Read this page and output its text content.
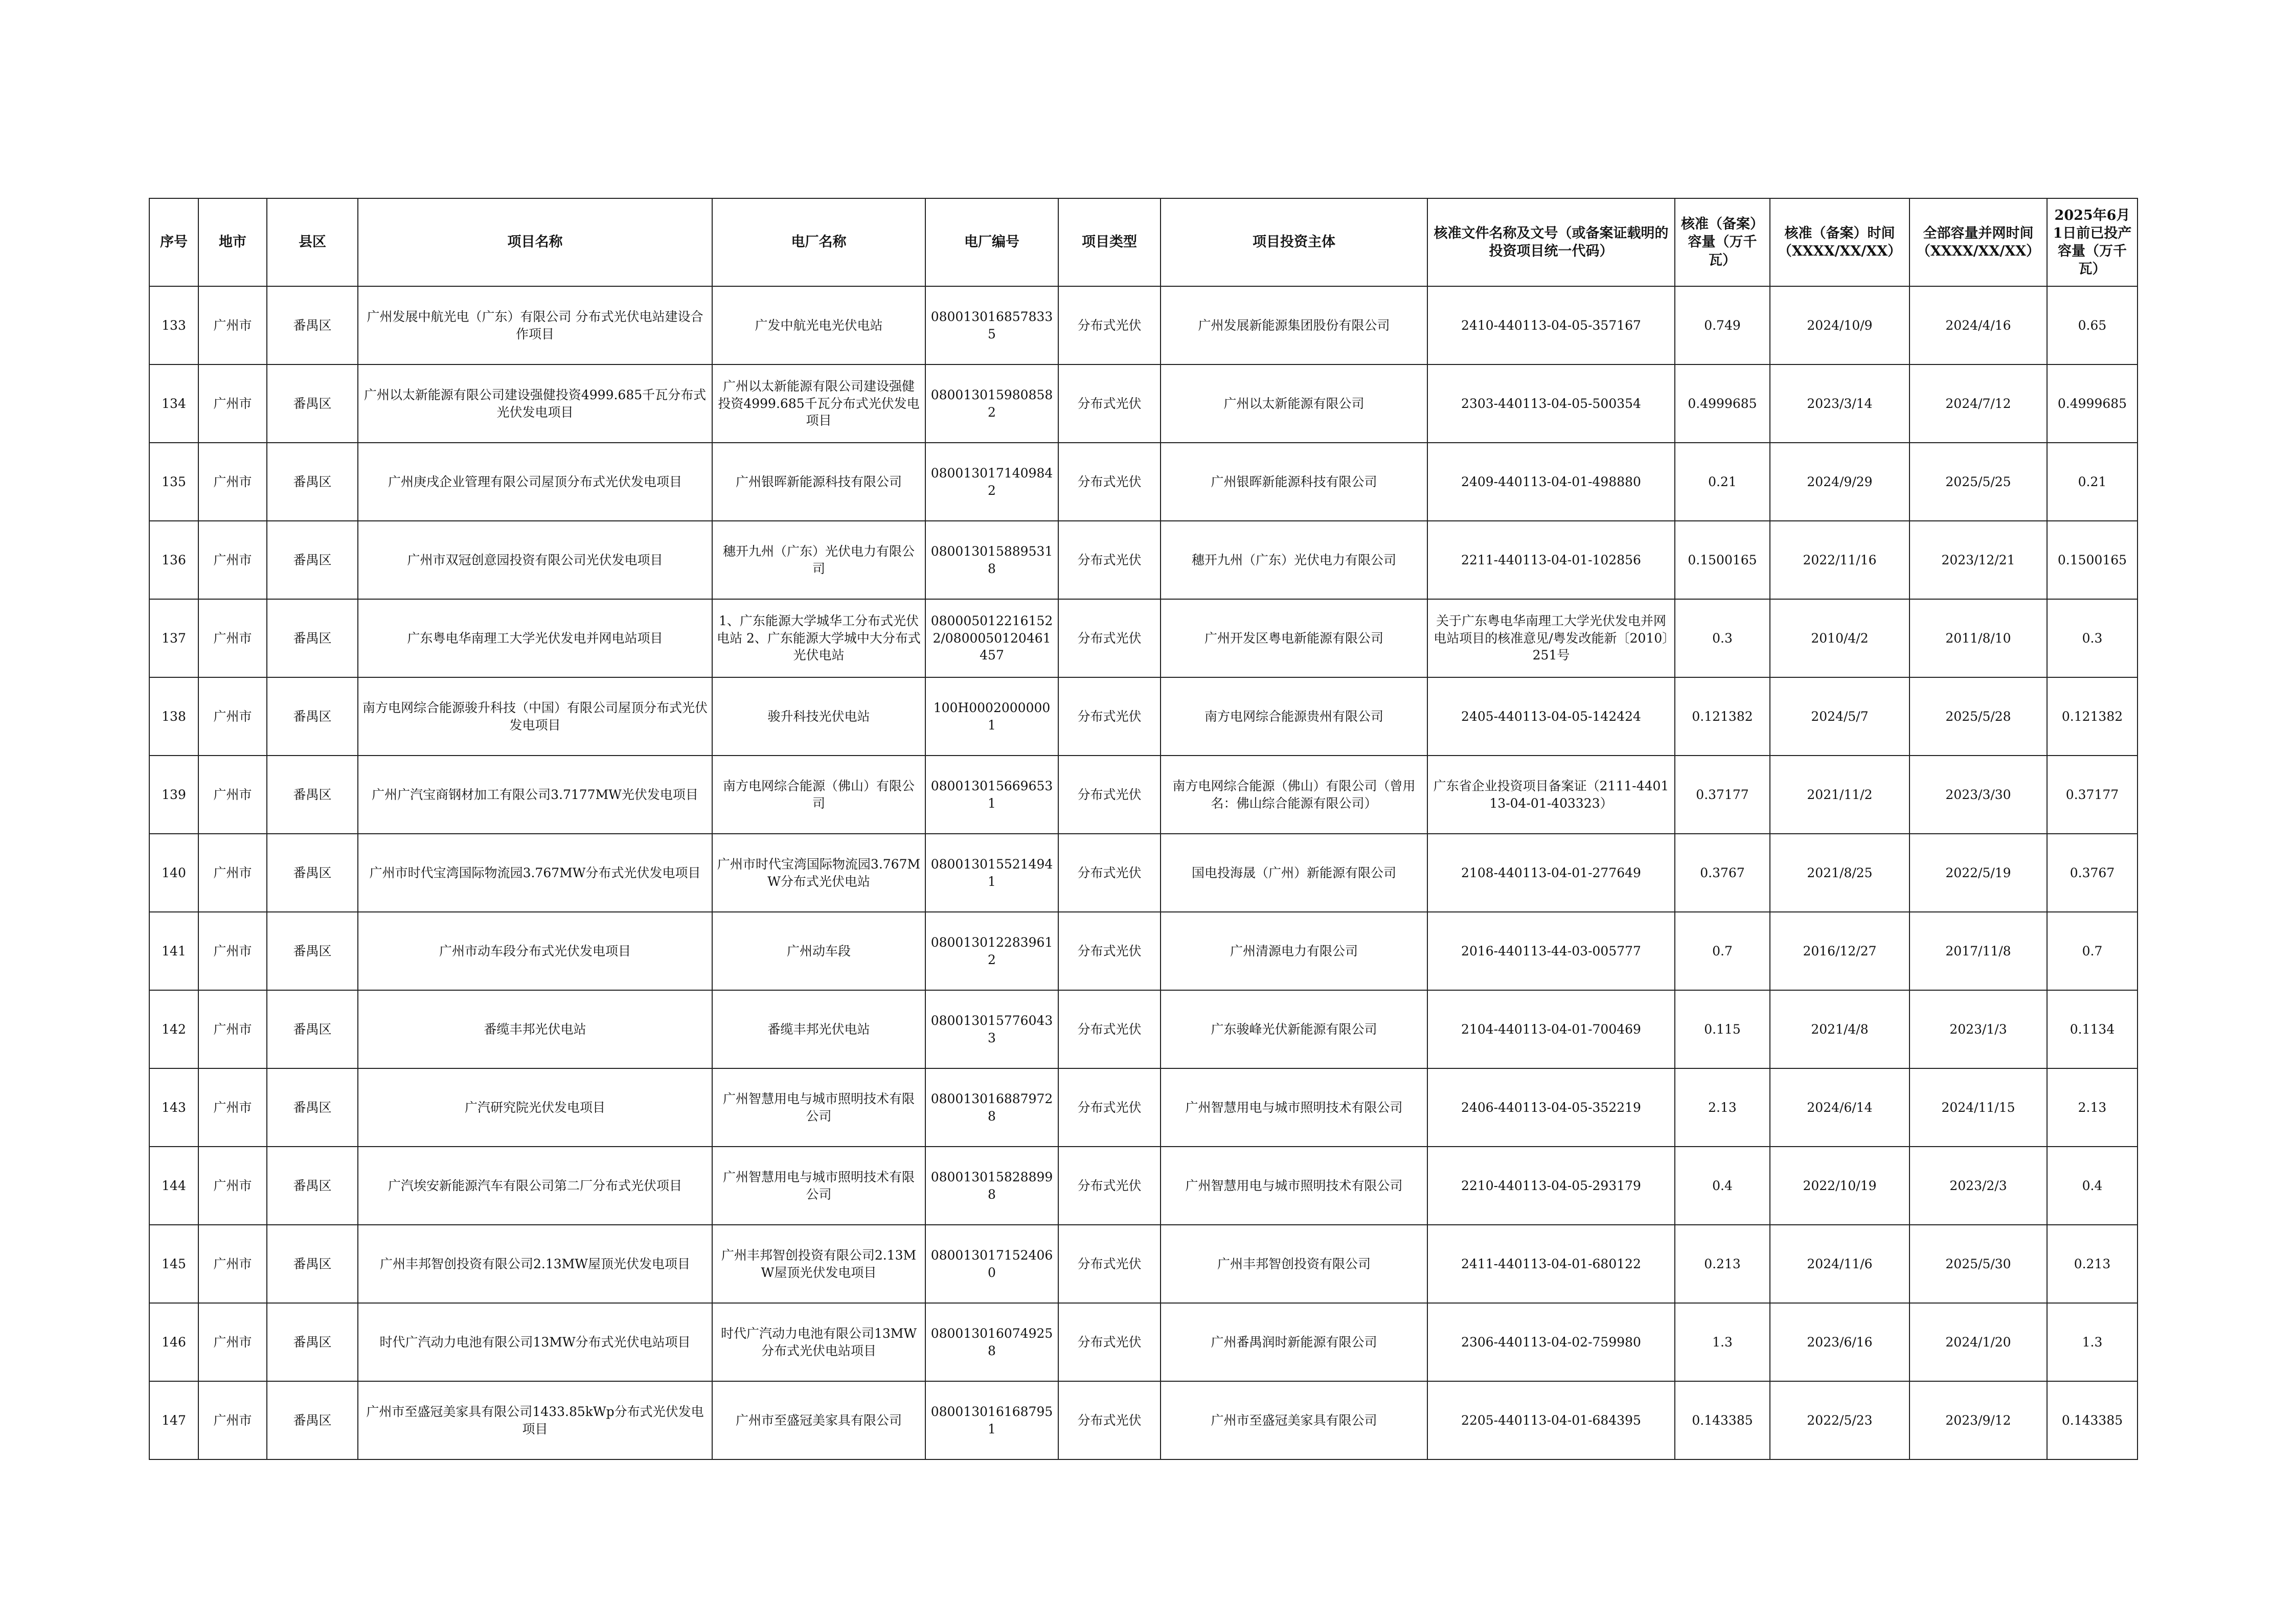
序号	地市	县区	项目名称	电厂名称	电厂编号	项目类型	项目投资主体	核准文件名称及文号（或备案证载明的投资项目统一代码）	核准（备案）容量（万千瓦）	核准（备案）时间（XXXX/XX/XX）	全部容量并网时间（XXXX/XX/XX）	2025年6月1日前已投产容量（万千瓦）
133	广州市	番禺区	广州发展中航光电（广东）有限公司 分布式光伏电站建设合作项目	广发中航光电光伏电站	0800130168578335	分布式光伏	广州发展新能源集团股份有限公司	2410-440113-04-05-357167	0.749	2024/10/9	2024/4/16	0.65
134	广州市	番禺区	广州以太新能源有限公司建设强健投资4999.685千瓦分布式光伏发电项目	广州以太新能源有限公司建设强健投资4999.685千瓦分布式光伏发电项目	0800130159808582	分布式光伏	广州以太新能源有限公司	2303-440113-04-05-500354	0.4999685	2023/3/14	2024/7/12	0.4999685
135	广州市	番禺区	广州庚戌企业管理有限公司屋顶分布式光伏发电项目	广州银晖新能源科技有限公司	0800130171409842	分布式光伏	广州银晖新能源科技有限公司	2409-440113-04-01-498880	0.21	2024/9/29	2025/5/25	0.21
136	广州市	番禺区	广州市双冠创意园投资有限公司光伏发电项目	穗开九州（广东）光伏电力有限公司	0800130158895318	分布式光伏	穗开九州（广东）光伏电力有限公司	2211-440113-04-01-102856	0.1500165	2022/11/16	2023/12/21	0.1500165
137	广州市	番禺区	广东粤电华南理工大学光伏发电并网电站项目	1、广东能源大学城华工分布式光伏电站 2、广东能源大学城中大分布式光伏电站	0800050122161522/0800050120461457	分布式光伏	广州开发区粤电新能源有限公司	关于广东粤电华南理工大学光伏发电并网电站项目的核准意见/粤发改能新〔2010〕251号	0.3	2010/4/2	2011/8/10	0.3
138	广州市	番禺区	南方电网综合能源骏升科技（中国）有限公司屋顶分布式光伏发电项目	骏升科技光伏电站	100H00020000001	分布式光伏	南方电网综合能源贵州有限公司	2405-440113-04-05-142424	0.121382	2024/5/7	2025/5/28	0.121382
139	广州市	番禺区	广州广汽宝商钢材加工有限公司3.7177MW光伏发电项目	南方电网综合能源（佛山）有限公司	0800130156696531	分布式光伏	南方电网综合能源（佛山）有限公司（曾用名：佛山综合能源有限公司）	广东省企业投资项目备案证（2111-440113-04-01-403323）	0.37177	2021/11/2	2023/3/30	0.37177
140	广州市	番禺区	广州市时代宝湾国际物流园3.767MW分布式光伏发电项目	广州市时代宝湾国际物流园3.767MW分布式光伏电站	0800130155214941	分布式光伏	国电投海晟（广州）新能源有限公司	2108-440113-04-01-277649	0.3767	2021/8/25	2022/5/19	0.3767
141	广州市	番禺区	广州市动车段分布式光伏发电项目	广州动车段	0800130122839612	分布式光伏	广州清源电力有限公司	2016-440113-44-03-005777	0.7	2016/12/27	2017/11/8	0.7
142	广州市	番禺区	番缆丰邦光伏电站	番缆丰邦光伏电站	0800130157760433	分布式光伏	广东骏峰光伏新能源有限公司	2104-440113-04-01-700469	0.115	2021/4/8	2023/1/3	0.1134
143	广州市	番禺区	广汽研究院光伏发电项目	广州智慧用电与城市照明技术有限公司	0800130168879728	分布式光伏	广州智慧用电与城市照明技术有限公司	2406-440113-04-05-352219	2.13	2024/6/14	2024/11/15	2.13
144	广州市	番禺区	广汽埃安新能源汽车有限公司第二厂分布式光伏项目	广州智慧用电与城市照明技术有限公司	0800130158288998	分布式光伏	广州智慧用电与城市照明技术有限公司	2210-440113-04-05-293179	0.4	2022/10/19	2023/2/3	0.4
145	广州市	番禺区	广州丰邦智创投资有限公司2.13MW屋顶光伏发电项目	广州丰邦智创投资有限公司2.13MW屋顶光伏发电项目	0800130171524060	分布式光伏	广州丰邦智创投资有限公司	2411-440113-04-01-680122	0.213	2024/11/6	2025/5/30	0.213
146	广州市	番禺区	时代广汽动力电池有限公司13MW分布式光伏电站项目	时代广汽动力电池有限公司13MW分布式光伏电站项目	0800130160749258	分布式光伏	广州番禺润时新能源有限公司	2306-440113-04-02-759980	1.3	2023/6/16	2024/1/20	1.3
147	广州市	番禺区	广州市至盛冠美家具有限公司1433.85kWp分布式光伏发电项目	广州市至盛冠美家具有限公司	0800130161687951	分布式光伏	广州市至盛冠美家具有限公司	2205-440113-04-01-684395	0.143385	2022/5/23	2023/9/12	0.143385
